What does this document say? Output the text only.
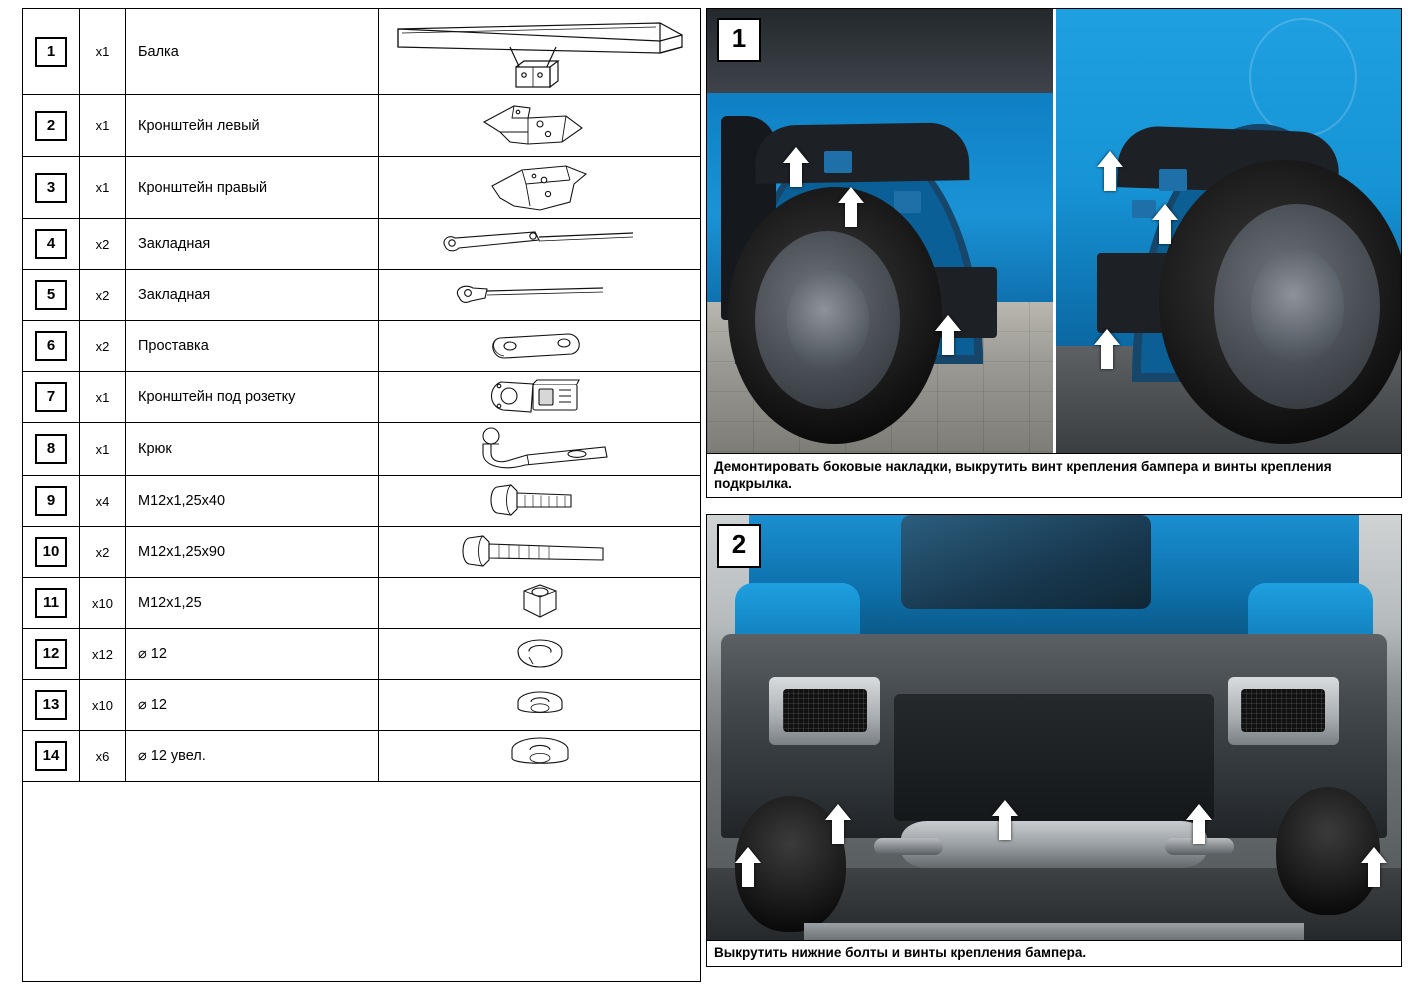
1	x1	Балка	

2	x1	Кронштейн левый	

3	x1	Кронштейн правый	

4	x2	Закладная	

5	x2	Закладная	

6	x2	Проставка	

7	x1	Кронштейн под розетку	

8	x1	Крюк	

9	x4	М12х1,25х40	

10	x2	М12х1,25х90	

11	x10	М12х1,25	

12	x12	⌀ 12	

13	x10	⌀ 12	

14	x6	⌀ 12 увел.	

1
Демонтировать боковые накладки, выкрутить винт крепления бампера и винты крепления подкрылка.
2
Выкрутить нижние болты и винты крепления бампера.
